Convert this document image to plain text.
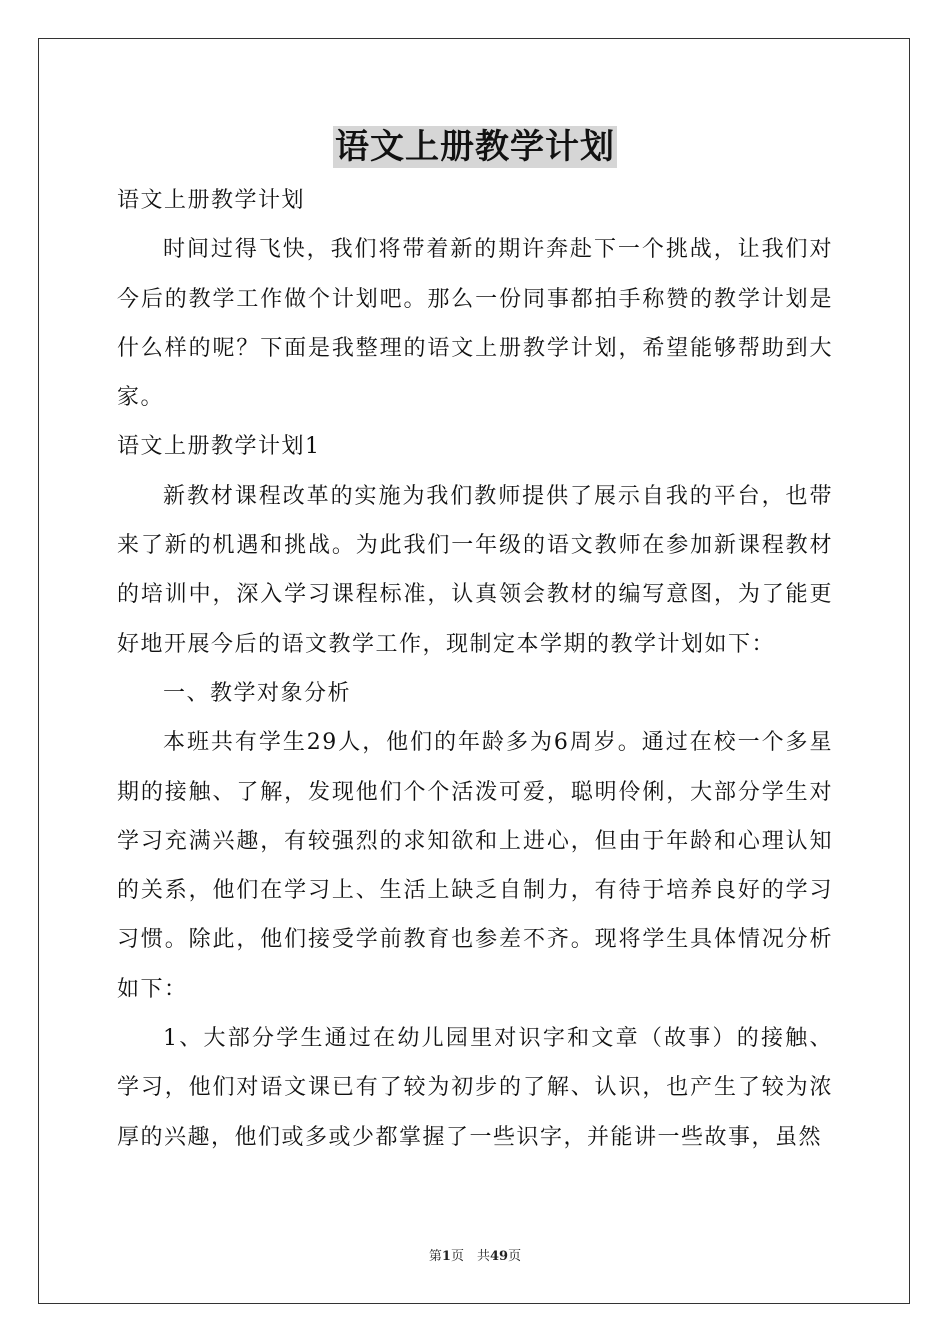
语文上册教学计划

语文上册教学计划

时间过得飞快，我们将带着新的期许奔赴下一个挑战，让我们对今后的教学工作做个计划吧。那么一份同事都拍手称赞的教学计划是什么样的呢？下面是我整理的语文上册教学计划，希望能够帮助到大家。

语文上册教学计划1

新教材课程改革的实施为我们教师提供了展示自我的平台，也带来了新的机遇和挑战。为此我们一年级的语文教师在参加新课程教材的培训中，深入学习课程标准，认真领会教材的编写意图，为了能更好地开展今后的语文教学工作，现制定本学期的教学计划如下：

一、教学对象分析

本班共有学生29人，他们的年龄多为6周岁。通过在校一个多星期的接触、了解，发现他们个个活泼可爱，聪明伶俐，大部分学生对学习充满兴趣，有较强烈的求知欲和上进心，但由于年龄和心理认知的关系，他们在学习上、生活上缺乏自制力，有待于培养良好的学习习惯。除此，他们接受学前教育也参差不齐。现将学生具体情况分析如下：

1、大部分学生通过在幼儿园里对识字和文章（故事）的接触、学习，他们对语文课已有了较为初步的了解、认识，也产生了较为浓厚的兴趣，他们或多或少都掌握了一些识字，并能讲一些故事，虽然

第1页　共49页
